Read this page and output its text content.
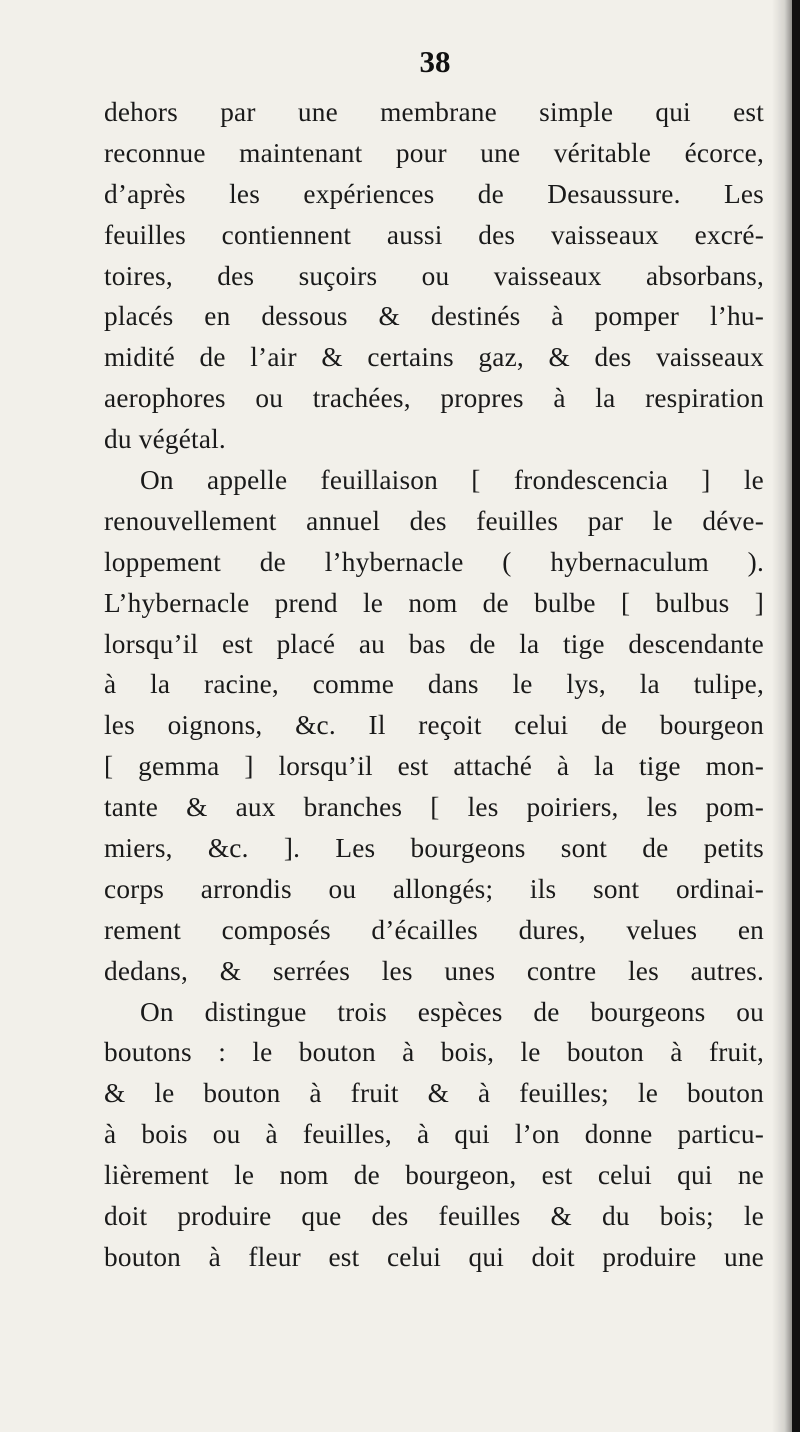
38
dehors par une membrane simple qui est
reconnue maintenant pour une véritable écorce,
d’après les expériences de Desaussure. Les
feuilles contiennent aussi des vaisseaux excré-
toires, des suçoirs ou vaisseaux absorbans,
placés en dessous & destinés à pomper l’hu-
midité de l’air & certains gaz, & des vaisseaux
aerophores ou trachées, propres à la respiration
du végétal.
On appelle feuillaison [ frondescencia ] le
renouvellement annuel des feuilles par le déve-
loppement de l’hybernacle ( hybernaculum ).
L’hybernacle prend le nom de bulbe [ bulbus ]
lorsqu’il est placé au bas de la tige descendante
à la racine, comme dans le lys, la tulipe,
les oignons, &c. Il reçoit celui de bourgeon
[ gemma ] lorsqu’il est attaché à la tige mon-
tante & aux branches [ les poiriers, les pom-
miers, &c. ]. Les bourgeons sont de petits
corps arrondis ou allongés; ils sont ordinai-
rement composés d’écailles dures, velues en
dedans, & serrées les unes contre les autres.
On distingue trois espèces de bourgeons ou
boutons : le bouton à bois, le bouton à fruit,
& le bouton à fruit & à feuilles; le bouton
à bois ou à feuilles, à qui l’on donne particu-
lièrement le nom de bourgeon, est celui qui ne
doit produire que des feuilles & du bois; le
bouton à fleur est celui qui doit produire une
